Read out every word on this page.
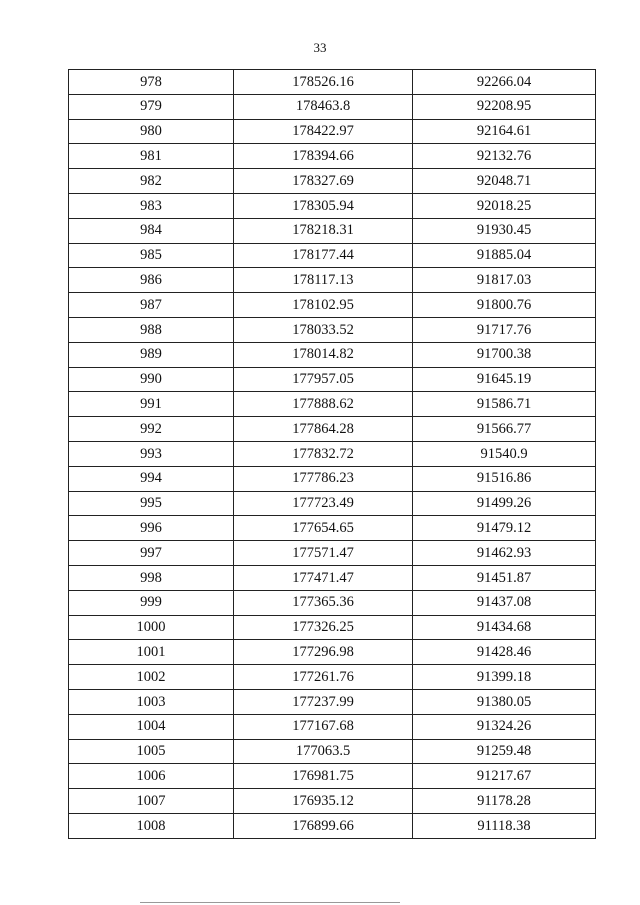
33
978	178526.16	92266.04
979	178463.8	92208.95
980	178422.97	92164.61
981	178394.66	92132.76
982	178327.69	92048.71
983	178305.94	92018.25
984	178218.31	91930.45
985	178177.44	91885.04
986	178117.13	91817.03
987	178102.95	91800.76
988	178033.52	91717.76
989	178014.82	91700.38
990	177957.05	91645.19
991	177888.62	91586.71
992	177864.28	91566.77
993	177832.72	91540.9
994	177786.23	91516.86
995	177723.49	91499.26
996	177654.65	91479.12
997	177571.47	91462.93
998	177471.47	91451.87
999	177365.36	91437.08
1000	177326.25	91434.68
1001	177296.98	91428.46
1002	177261.76	91399.18
1003	177237.99	91380.05
1004	177167.68	91324.26
1005	177063.5	91259.48
1006	176981.75	91217.67
1007	176935.12	91178.28
1008	176899.66	91118.38
